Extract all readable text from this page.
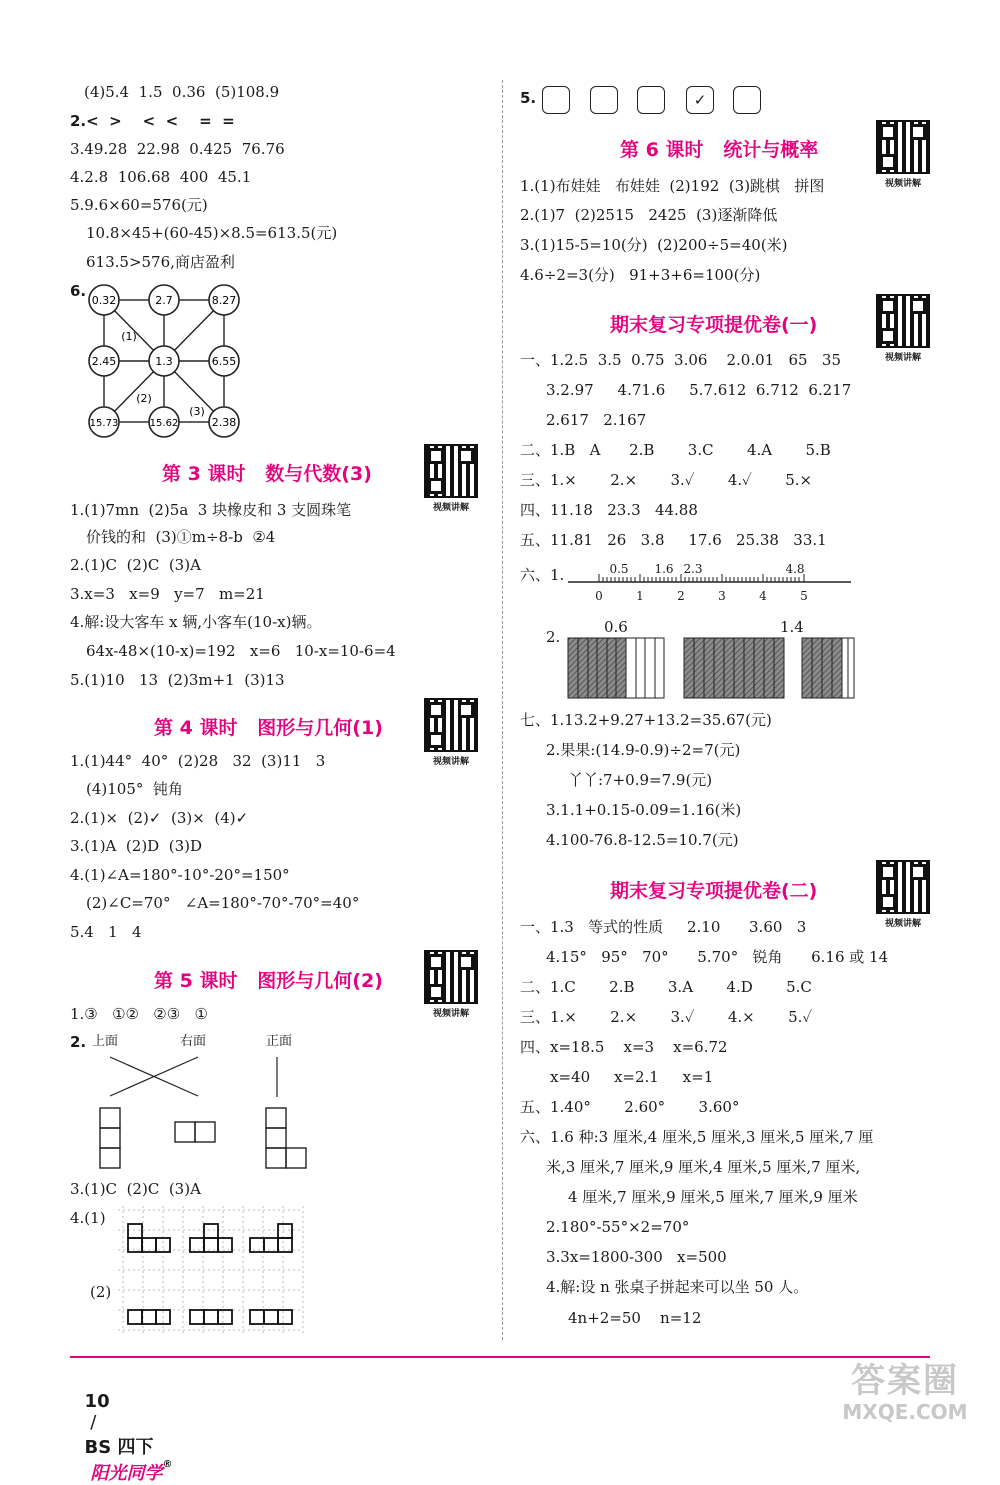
(4)5.4  1.5  0.36  (5)108.9
2.<  >    <  <    =  =
3.49.28  22.98  0.425  76.76
4.2.8  106.68  400  45.1
5.9.6×60=576(元)
10.8×45+(60-45)×8.5=613.5(元)
613.5>576,商店盈利
6.
0.32	2.7	8.27
2.45	1.3	6.55
15.73	15.62	2.38
(1)
(2)
(3)
第 3 课时   数与代数(3)
视频讲解
1.(1)7mn  (2)5a  3 块橡皮和 3 支圆珠笔
价钱的和  (3)①m÷8-b  ②4
2.(1)C  (2)C  (3)A
3.x=3   x=9   y=7   m=21
4.解:设大客车 x 辆,小客车(10-x)辆。
64x-48×(10-x)=192   x=6   10-x=10-6=4
5.(1)10   13  (2)3m+1  (3)13
第 4 课时   图形与几何(1)
视频讲解
1.(1)44°  40°  (2)28   32  (3)11   3
(4)105°  钝角
2.(1)×  (2)✓  (3)×  (4)✓
3.(1)A  (2)D  (3)D
4.(1)∠A=180°-10°-20°=150°
(2)∠C=70°   ∠A=180°-70°-70°=40°
5.4   1   4
第 5 课时   图形与几何(2)
视频讲解
1.③   ①②   ②③   ①
2. 上面	右面	正面
3.(1)C  (2)C  (3)A
4.(1)
(2)
5.	✓
第 6 课时   统计与概率
视频讲解
1.(1)布娃娃   布娃娃  (2)192  (3)跳棋   拼图
2.(1)7  (2)2515   2425  (3)逐渐降低
3.(1)15-5=10(分)  (2)200÷5=40(米)
4.6÷2=3(分)   91+3+6=100(分)
期末复习专项提优卷(一)
视频讲解
一、1.2.5  3.5  0.75  3.06    2.0.01   65   35
3.2.97     4.71.6     5.7.612  6.712  6.217
2.617   2.167
二、1.B   A      2.B       3.C       4.A       5.B
三、1.×       2.×       3.✓       4.✓       5.×
四、11.18   23.3   44.88
五、11.81   26   3.8     17.6   25.38   33.1
六、1.	0.5 1.6 2.3	4.8
0	1	2	3	4	5
2.
0.6	1.4
七、1.13.2+9.27+13.2=35.67(元)
2.果果:(14.9-0.9)÷2=7(元)
丫丫:7+0.9=7.9(元)
3.1.1+0.15-0.09=1.16(米)
4.100-76.8-12.5=10.7(元)
期末复习专项提优卷(二)
视频讲解
一、1.3   等式的性质     2.10      3.60   3
4.15°   95°   70°      5.70°   锐角      6.16 或 14
二、1.C       2.B       3.A       4.D       5.C
三、1.×       2.×       3.✓       4.×       5.✓
四、x=18.5    x=3    x=6.72
x=40     x=2.1     x=1
五、1.40°       2.60°       3.60°
六、1.6 种:3 厘米,4 厘米,5 厘米,3 厘米,5 厘米,7 厘
米,3 厘米,7 厘米,9 厘米,4 厘米,5 厘米,7 厘米,
4 厘米,7 厘米,9 厘米,5 厘米,7 厘米,9 厘米
2.180°-55°×2=70°
3.3x=1800-300   x=500
4.解:设 n 张桌子拼起来可以坐 50 人。
4n+2=50    n=12

10
/
BS 四下
阳光同学®

答案圈
MXQE.COM
